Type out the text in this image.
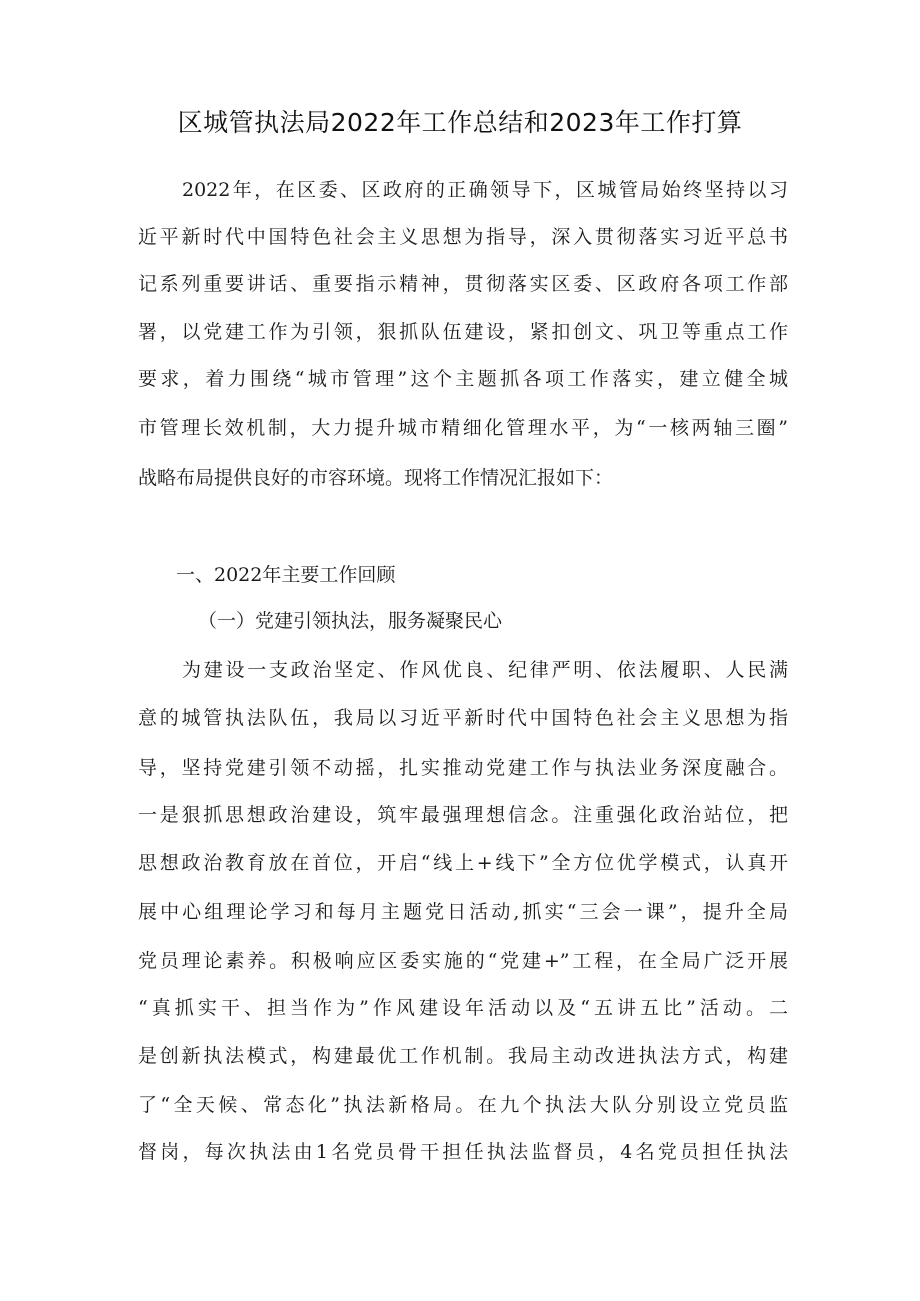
区城管执法局2022年工作总结和2023年工作打算
2022年，在区委、区政府的正确领导下，区城管局始终坚持以习
近平新时代中国特色社会主义思想为指导，深入贯彻落实习近平总书
记系列重要讲话、重要指示精神，贯彻落实区委、区政府各项工作部
署，以党建工作为引领，狠抓队伍建设，紧扣创文、巩卫等重点工作
要求，着力围绕“城市管理”这个主题抓各项工作落实，建立健全城
市管理长效机制，大力提升城市精细化管理水平，为“一核两轴三圈”
战略布局提供良好的市容环境。现将工作情况汇报如下：
一、2022年主要工作回顾
（一）党建引领执法，服务凝聚民心
为建设一支政治坚定、作风优良、纪律严明、依法履职、人民满
意的城管执法队伍，我局以习近平新时代中国特色社会主义思想为指
导，坚持党建引领不动摇，扎实推动党建工作与执法业务深度融合。
一是狠抓思想政治建设，筑牢最强理想信念。注重强化政治站位，把
思想政治教育放在首位，开启“线上+线下”全方位优学模式，认真开
展中心组理论学习和每月主题党日活动,抓实“三会一课”，提升全局
党员理论素养。积极响应区委实施的“党建+”工程，在全局广泛开展
“真抓实干、担当作为”作风建设年活动以及“五讲五比”活动。二
是创新执法模式，构建最优工作机制。我局主动改进执法方式，构建
了“全天候、常态化”执法新格局。在九个执法大队分别设立党员监
督岗，每次执法由1名党员骨干担任执法监督员，4名党员担任执法
